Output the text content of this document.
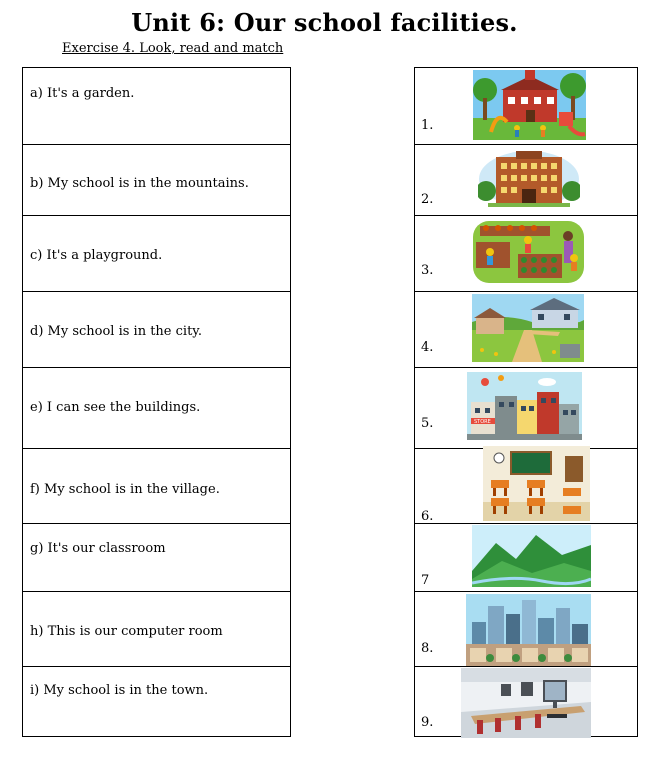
Unit 6: Our school facilities.
Exercise 4. Look, read and match
a) It's a garden.
b) My school is in the mountains.
c) It's a playground.
d) My school is in the city.
e) I can see the buildings.
f) My school is in the village.
g) It's our classroom
h) This is our computer room
i) My school is in the town.
1.
2.
3.
4.
5.
6.
7
8.
9.
STORE
